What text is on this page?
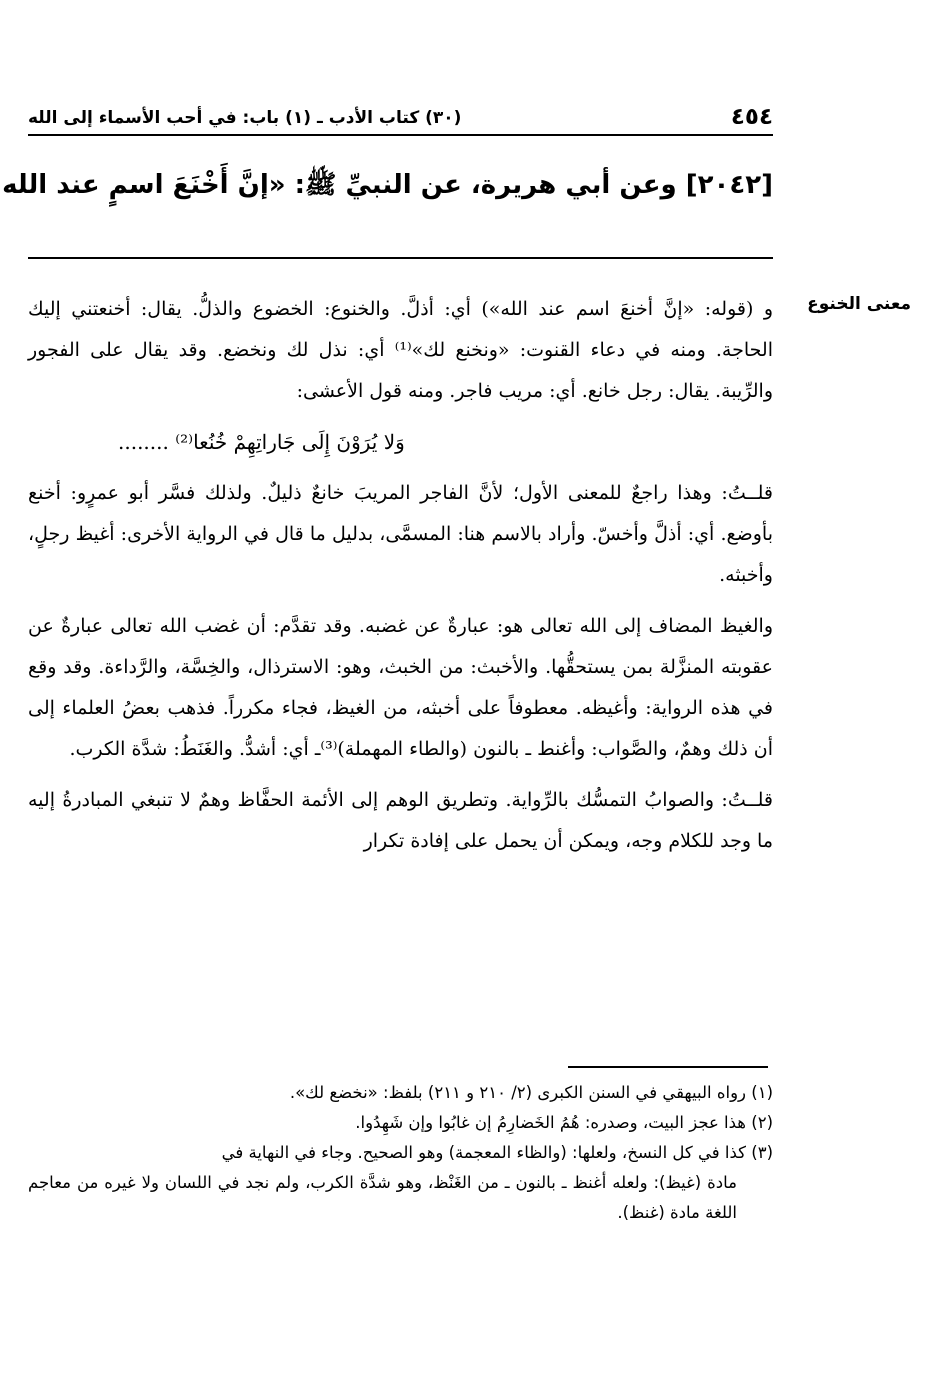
٤٥٤
(٣٠) كتاب الأدب ـ (١) باب: في أحب الأسماء إلى الله
[٢٠٤٢] وعن أبي هريرة، عن النبيِّ ﷺ: «إنَّ أَخْنَعَ اسمٍ عند الله
معنى الخنوع

و (قوله: «إنَّ أخنعَ اسم عند الله») أي: أذلَّ. والخنوع: الخضوع والذلُّ. يقال: أخنعتني إليك الحاجة. ومنه في دعاء القنوت: «ونخنع لك»⁽¹⁾ أي: نذل لك ونخضع. وقد يقال على الفجور والرِّيبة. يقال: رجل خانع. أي: مريب فاجر. ومنه قول الأعشى:

وَلا يُرَوْنَ إِلَى جَاراتِهِمْ خُنُعا⁽²⁾ ........

قلــتُ: وهذا راجعٌ للمعنى الأول؛ لأنَّ الفاجر المريبَ خانعٌ ذليلٌ. ولذلك فسَّر أبو عمرٍو: أخنع بأوضع. أي: أذلَّ وأخسّ. وأراد بالاسم هنا: المسمَّى، بدليل ما قال في الرواية الأخرى: أغيظ رجلٍ، وأخبثه.

والغيظ المضاف إلى الله تعالى هو: عبارةٌ عن غضبه. وقد تقدَّم: أن غضب الله تعالى عبارةٌ عن عقوبته المنزَّلة بمن يستحقُّها. والأخبث: من الخبث، وهو: الاسترذال، والخِسَّة، والرَّداءة. وقد وقع في هذه الرواية: وأغيظه. معطوفاً على أخبثه، من الغيظ، فجاء مكرراً. فذهب بعضُ العلماء إلى أن ذلك وهمٌ، والصَّواب: وأغنط ـ بالنون (والطاء المهملة)⁽³⁾ـ أي: أشدُّ. والغَنَطُ: شدَّة الكرب.

قلــتُ: والصوابُ التمسُّك بالرِّواية. وتطريق الوهم إلى الأئمة الحفَّاظ وهمٌ لا تنبغي المبادرةُ إليه ما وجد للكلام وجه، ويمكن أن يحمل على إفادة تكرار

(١) رواه البيهقي في السنن الكبرى (٢/ ٢١٠ و ٢١١) بلفظ: «نخضع لك».

(٢) هذا عجز البيت، وصدره: هُمُ الخَضارِمُ إن غابُوا وإن شَهِدُوا.

(٣) كذا في كل النسخ، ولعلها: (والظاء المعجمة) وهو الصحيح. وجاء في النهاية في

مادة (غيظ): ولعله أغنظ ـ بالنون ـ من الغَنْظ، وهو شدَّة الكرب، ولم نجد في اللسان ولا غيره من معاجم اللغة مادة (غنظ).
